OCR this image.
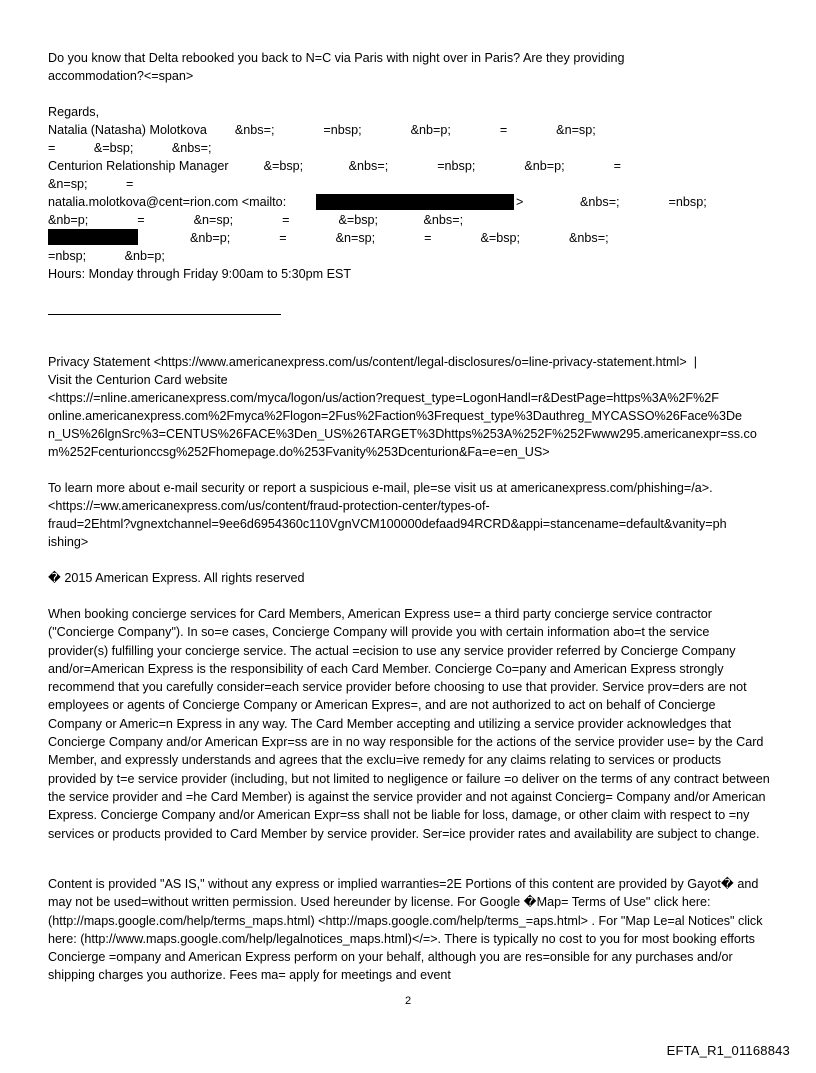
Do you know that Delta rebooked you back to N=C via Paris with night over in Paris? Are they providing
accommodation?<=span>
Regards,
Natalia (Natasha) Molotkova        &nbs=;              =nbsp;              &nb=p;              =              &n=sp;
=           &=bsp;           &nbs=;
Centurion Relationship Manager          &=bsp;             &nbs=;              =nbsp;              &nb=p;              =
&n=sp;           =
natalia.molotkova@cent=rion.com <mailto:	>	&nbs=;              =nbsp;
&nb=p;              =              &n=sp;              =              &=bsp;             &nbs=;
&nb=p;              =              &n=sp;              =              &=bsp;              &nbs=;
=nbsp;           &nb=p;
Hours: Monday through Friday 9:00am to 5:30pm EST
Privacy Statement <https://www.americanexpress.com/us/content/legal-disclosures/o=line-privacy-statement.html>  |
Visit the Centurion Card website
<https://=nline.americanexpress.com/myca/logon/us/action?request_type=LogonHandl=r&DestPage=https%3A%2F%2F
online.americanexpress.com%2Fmyca%2Flogon=2Fus%2Faction%3Frequest_type%3Dauthreg_MYCASSO%26Face%3De
n_US%26lgnSrc%3=CENTUS%26FACE%3Den_US%26TARGET%3Dhttps%253A%252F%252Fwww295.americanexpr=ss.co
m%252Fcenturionccsg%252Fhomepage.do%253Fvanity%253Dcenturion&Fa=e=en_US>
To learn more about e-mail security or report a suspicious e-mail, ple=se visit us at americanexpress.com/phishing=/a>.
<https://=ww.americanexpress.com/us/content/fraud-protection-center/types-of-
fraud=2Ehtml?vgnextchannel=9ee6d6954360c110VgnVCM100000defaad94RCRD&appi=stancename=default&vanity=ph
ishing>
� 2015 American Express. All rights reserved
When booking concierge services for Card Members, American Express use= a third party concierge service contractor ("Concierge Company"). In so=e cases, Concierge Company will provide you with certain information abo=t the service provider(s) fulfilling your concierge service. The actual =ecision to use any service provider referred by Concierge Company and/or=American Express is the responsibility of each Card Member. Concierge Co=pany and American Express strongly recommend that you carefully consider=each service provider before choosing to use that provider. Service prov=ders are not employees or agents of Concierge Company or American Expres=, and are not authorized to act on behalf of Concierge Company or Americ=n Express in any way. The Card Member accepting and utilizing a service provider acknowledges that Concierge Company and/or American Expr=ss are in no way responsible for the actions of the service provider use= by the Card Member, and expressly understands and agrees that the exclu=ive remedy for any claims relating to services or products provided by t=e service provider (including, but not limited to negligence or failure =o deliver on the terms of any contract between the service provider and =he Card Member) is against the service provider and not against Concierg= Company and/or American Express. Concierge Company and/or American Expr=ss shall not be liable for loss, damage, or other claim with respect to =ny services or products provided to Card Member by service provider. Ser=ice provider rates and availability are subject to change.
Content is provided "AS IS," without any express or implied warranties=2E Portions of this content are provided by Gayot� and may not be used=without written permission. Used hereunder by license. For Google �Map= Terms of Use" click here: (http://maps.google.com/help/terms_maps.html) <http://maps.google.com/help/terms_=aps.html> . For "Map Le=al Notices" click here: (http://www.maps.google.com/help/legalnotices_maps.html)</=>. There is typically no cost to you for most booking efforts Concierge =ompany and American Express perform on your behalf, although you are res=onsible for any purchases and/or shipping charges you authorize. Fees ma= apply for meetings and event
2
EFTA_R1_01168843
